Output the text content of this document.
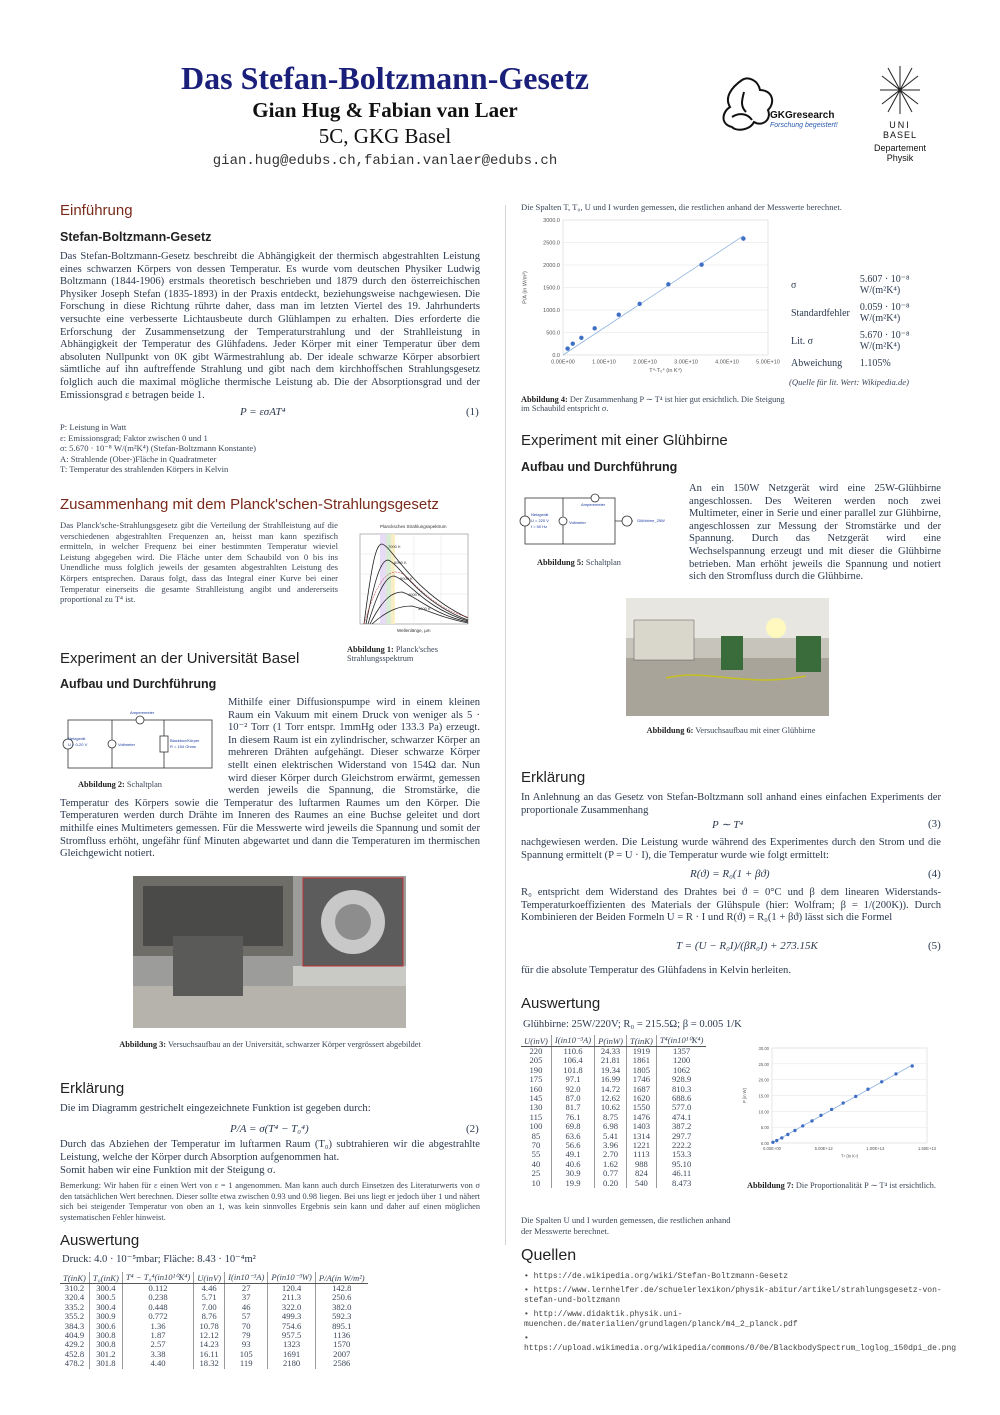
Das Stefan-Boltzmann-Gesetz
Gian Hug & Fabian van Laer
5C, GKG Basel
gian.hug@edubs.ch,fabian.vanlaer@edubs.ch
GKGresearch
Forschung begeistert!	UNI
BASEL
Departement
Physik
Einführung
Stefan-Boltzmann-Gesetz
Das Stefan-Boltzmann-Gesetz beschreibt die Abhängigkeit der thermisch abgestrahlten Leistung eines schwarzen Körpers von dessen Temperatur. Es wurde vom deutschen Physiker Ludwig Boltzmann (1844-1906) erstmals theoretisch beschrieben und 1879 durch den österreichischen Physiker Joseph Stefan (1835-1893) in der Praxis entdeckt, beziehungsweise nachgewiesen. Die Forschung in diese Richtung rührte daher, dass man im letzten Viertel des 19. Jahrhunderts versuchte eine verbesserte Lichtausbeute durch Glühlampen zu erhalten. Dies erforderte die Erforschung der Zusammensetzung der Temperaturstrahlung und der Strahlleistung in Abhängigkeit der Temperatur des Glühfadens. Jeder Körper mit einer Temperatur über dem absoluten Nullpunkt von 0K gibt Wärmestrahlung ab. Der ideale schwarze Körper absorbiert sämtliche auf ihn auftreffende Strahlung und gibt nach dem kirchhoffschen Strahlungsgesetz folglich auch die maximal mögliche thermische Leistung ab. Die der Absorptionsgrad und der Emissionsgrad ε betragen beide 1.
P = εσAT⁴	(1)
P: Leistung in Watt
ε: Emissionsgrad; Faktor zwischen 0 und 1
σ: 5.670 · 10⁻⁸ W/(m²K⁴) (Stefan-Boltzmann Konstante)
A: Strahlende (Ober-)Fläche in Quadratmeter
T: Temperatur des strahlenden Körpers in Kelvin
Zusammenhang mit dem Planck'schen-Strahlungsgesetz
Das Planck'sche-Strahlungsgesetz gibt die Verteilung der Strahlleistung auf die verschiedenen abgestrahlten Frequenzen an, heisst man kann spezifisch ermitteln, in welcher Frequenz bei einer bestimmten Temperatur wieviel Leistung abgegeben wird. Die Fläche unter dem Schaubild von 0 bis ins Unendliche muss folglich jeweils der gesamten abgestrahlten Leistung des Körpers entsprechen. Daraus folgt, dass das Integral einer Kurve bei einer Temperatur einerseits die gesamte Strahlleistung angibt und andererseits proportional zu T⁴ ist.
Plancksches Strahlungsspektrum
Wellenlänge, µm
7000 K
6000 K
5000 K
4000 K
3000 K
Abbildung 1: Planck'sches Strahlungsspektrum
Experiment an der Universität Basel
Aufbau und Durchführung
Netzgerät
U = 0-20 V
Amperemeter
Voltmeter
Blackbox/Körper
R = 154 Ohms
Abbildung 2: Schaltplan
Mithilfe einer Diffusionspumpe wird in einem kleinen Raum ein Vakuum mit einem Druck von weniger als 5 · 10⁻² Torr (1 Torr entspr. 1mmHg oder 133.3 Pa) erzeugt. In diesem Raum ist ein zylindrischer, schwarzer Körper an mehreren Drähten aufgehängt. Dieser schwarze Körper stellt einen elektrischen Widerstand von 154Ω dar. Nun wird dieser Körper durch Gleichstrom erwärmt, gemessen werden jeweils die Spannung, die Stromstärke, die Temperatur des Körpers sowie die Temperatur des luftarmen Raumes um den Körper. Die Temperaturen werden durch Drähte im Inneren des Raumes an eine Buchse geleitet und dort mithilfe eines Multimeters gemessen. Für die Messwerte wird jeweils die Spannung und somit der Stromfluss erhöht, ungefähr fünf Minuten abgewartet und dann die Temperaturen im thermischen Gleichgewicht notiert.
Abbildung 3: Versuchsaufbau an der Universität, schwarzer Körper vergrössert abgebildet
Erklärung
Die im Diagramm gestrichelt eingezeichnete Funktion ist gegeben durch:
P/A = σ(T⁴ − T₀⁴)	(2)
Durch das Abziehen der Temperatur im luftarmen Raum (T₀) subtrahieren wir die abgestrahlte Leistung, welche der Körper durch Absorption aufgenommen hat.
Somit haben wir eine Funktion mit der Steigung σ.
Bemerkung: Wir haben für ε einen Wert von ε = 1 angenommen. Man kann auch durch Einsetzen des Literaturwerts von σ den tatsächlichen Wert berechnen. Dieser sollte etwa zwischen 0.93 und 0.98 liegen. Bei uns liegt er jedoch über 1 und nähert sich bei steigender Temperatur von oben an 1, was kein sinnvolles Ergebnis sein kann und daher auf einen möglichen systematischen Fehler hinweist.
Auswertung
Druck: 4.0 · 10⁻⁵mbar; Fläche: 8.43 · 10⁻⁴m²
T(inK)	T₀(inK)	T⁴ − T₀⁴(in10¹⁰K⁴)	U(inV)	I(in10⁻³A)	P(in10⁻³W)	P/A(in W/m²)
310.2	300.4	0.112	4.46	27	120.4	142.8
320.4	300.5	0.238	5.71	37	211.3	250.6
335.2	300.4	0.448	7.00	46	322.0	382.0
355.2	300.9	0.772	8.76	57	499.3	592.3
384.3	300.6	1.36	10.78	70	754.6	895.1
404.9	300.8	1.87	12.12	79	957.5	1136
429.2	300.8	2.57	14.23	93	1323	1570
452.8	301.2	3.38	16.11	105	1691	2007
478.2	301.8	4.40	18.32	119	2180	2586
Die Spalten T, T₀, U und I wurden gemessen, die restlichen anhand der Messwerte berechnet.
0.0
500.0
1000.0
1500.0
2000.0
2500.0
3000.0
0.00E+00	1.00E+10	2.00E+10	3.00E+10	4.00E+10	5.00E+10
T⁴-T₀⁴ (in K⁴)
P/A (in W/m²)	σ	5.607 · 10⁻⁸ W/(m²K⁴)
Standardfehler	0.059 · 10⁻⁸ W/(m²K⁴)
Lit. σ	5.670 · 10⁻⁸ W/(m²K⁴)
Abweichung	1.105%
(Quelle für lit. Wert: Wikipedia.de)
Abbildung 4: Der Zusammenhang P ∼ T⁴ ist hier gut ersichtlich. Die Steigung im Schaubild entspricht σ.
Experiment mit einer Glühbirne
Aufbau und Durchführung
Netzgerät
U = 220 V
f = 50 Hz
Amperemeter
Voltmeter	Glühbirne_25W
Abbildung 5: Schaltplan
An ein 150W Netzgerät wird eine 25W-Glühbirne angeschlossen. Des Weiteren werden noch zwei Multimeter, einer in Serie und einer parallel zur Glühbirne, angeschlossen zur Messung der Stromstärke und der Spannung. Durch das Netzgerät wird eine Wechselspannung erzeugt und mit dieser die Glühbirne betrieben. Man erhöht jeweils die Spannung und notiert sich den Stromfluss durch die Glühbirne.
Abbildung 6: Versuchsaufbau mit einer Glühbirne
Erklärung
In Anlehnung an das Gesetz von Stefan-Boltzmann soll anhand eines einfachen Experiments der proportionale Zusammenhang
P ∼ T⁴	(3)
nachgewiesen werden. Die Leistung wurde während des Experimentes durch den Strom und die Spannung ermittelt (P = U · I), die Temperatur wurde wie folgt ermittelt:
R(ϑ) = R₀(1 + βϑ)	(4)
R₀ entspricht dem Widerstand des Drahtes bei ϑ = 0°C und β dem linearen Widerstands-Temperaturkoeffizienten des Materials der Glühspule (hier: Wolfram; β = 1/(200K)). Durch Kombinieren der Beiden Formeln U = R · I und R(ϑ) = R₀(1 + βϑ) lässt sich die Formel
T = (U − R₀I)/(βR₀I) + 273.15K	(5)
für die absolute Temperatur des Glühfadens in Kelvin herleiten.
Auswertung
Glühbirne: 25W/220V; R₀ = 215.5Ω; β = 0.005 1/K
U(inV)	I(in10⁻³A)	P(inW)	T(inK)	T⁴(in10¹⁰K⁴)
220	110.6	24.33	1919	1357
205	106.4	21.81	1861	1200
190	101.8	19.34	1805	1062
175	97.1	16.99	1746	928.9
160	92.0	14.72	1687	810.3
145	87.0	12.62	1620	688.6
130	81.7	10.62	1550	577.0
115	76.1	8.75	1476	474.1
100	69.8	6.98	1403	387.2
85	63.6	5.41	1314	297.7
70	56.6	3.96	1221	222.2
55	49.1	2.70	1113	153.3
40	40.6	1.62	988	95.10
25	30.9	0.77	824	46.11
10	19.9	0.20	540	8.473
Die Spalten U und I wurden gemessen, die restlichen anhand der Messwerte berechnet.
0.00
5.00
10.00
15.00
20.00
25.00
30.00
0.00E+00	5.00E+12	1.00E+13	1.50E+13
T⁴ (in K⁴)
P (in W)
Abbildung 7: Die Proportionalität P ∼ T⁴ ist ersichtlich.
Quellen
• https://de.wikipedia.org/wiki/Stefan-Boltzmann-Gesetz
• https://www.lernhelfer.de/schuelerlexikon/physik-abitur/artikel/strahlungsgesetz-von-stefan-und-boltzmann
• http://www.didaktik.physik.uni-muenchen.de/materialien/grundlagen/planck/m4_2_planck.pdf
• https://upload.wikimedia.org/wikipedia/commons/0/0e/BlackbodySpectrum_loglog_150dpi_de.png
